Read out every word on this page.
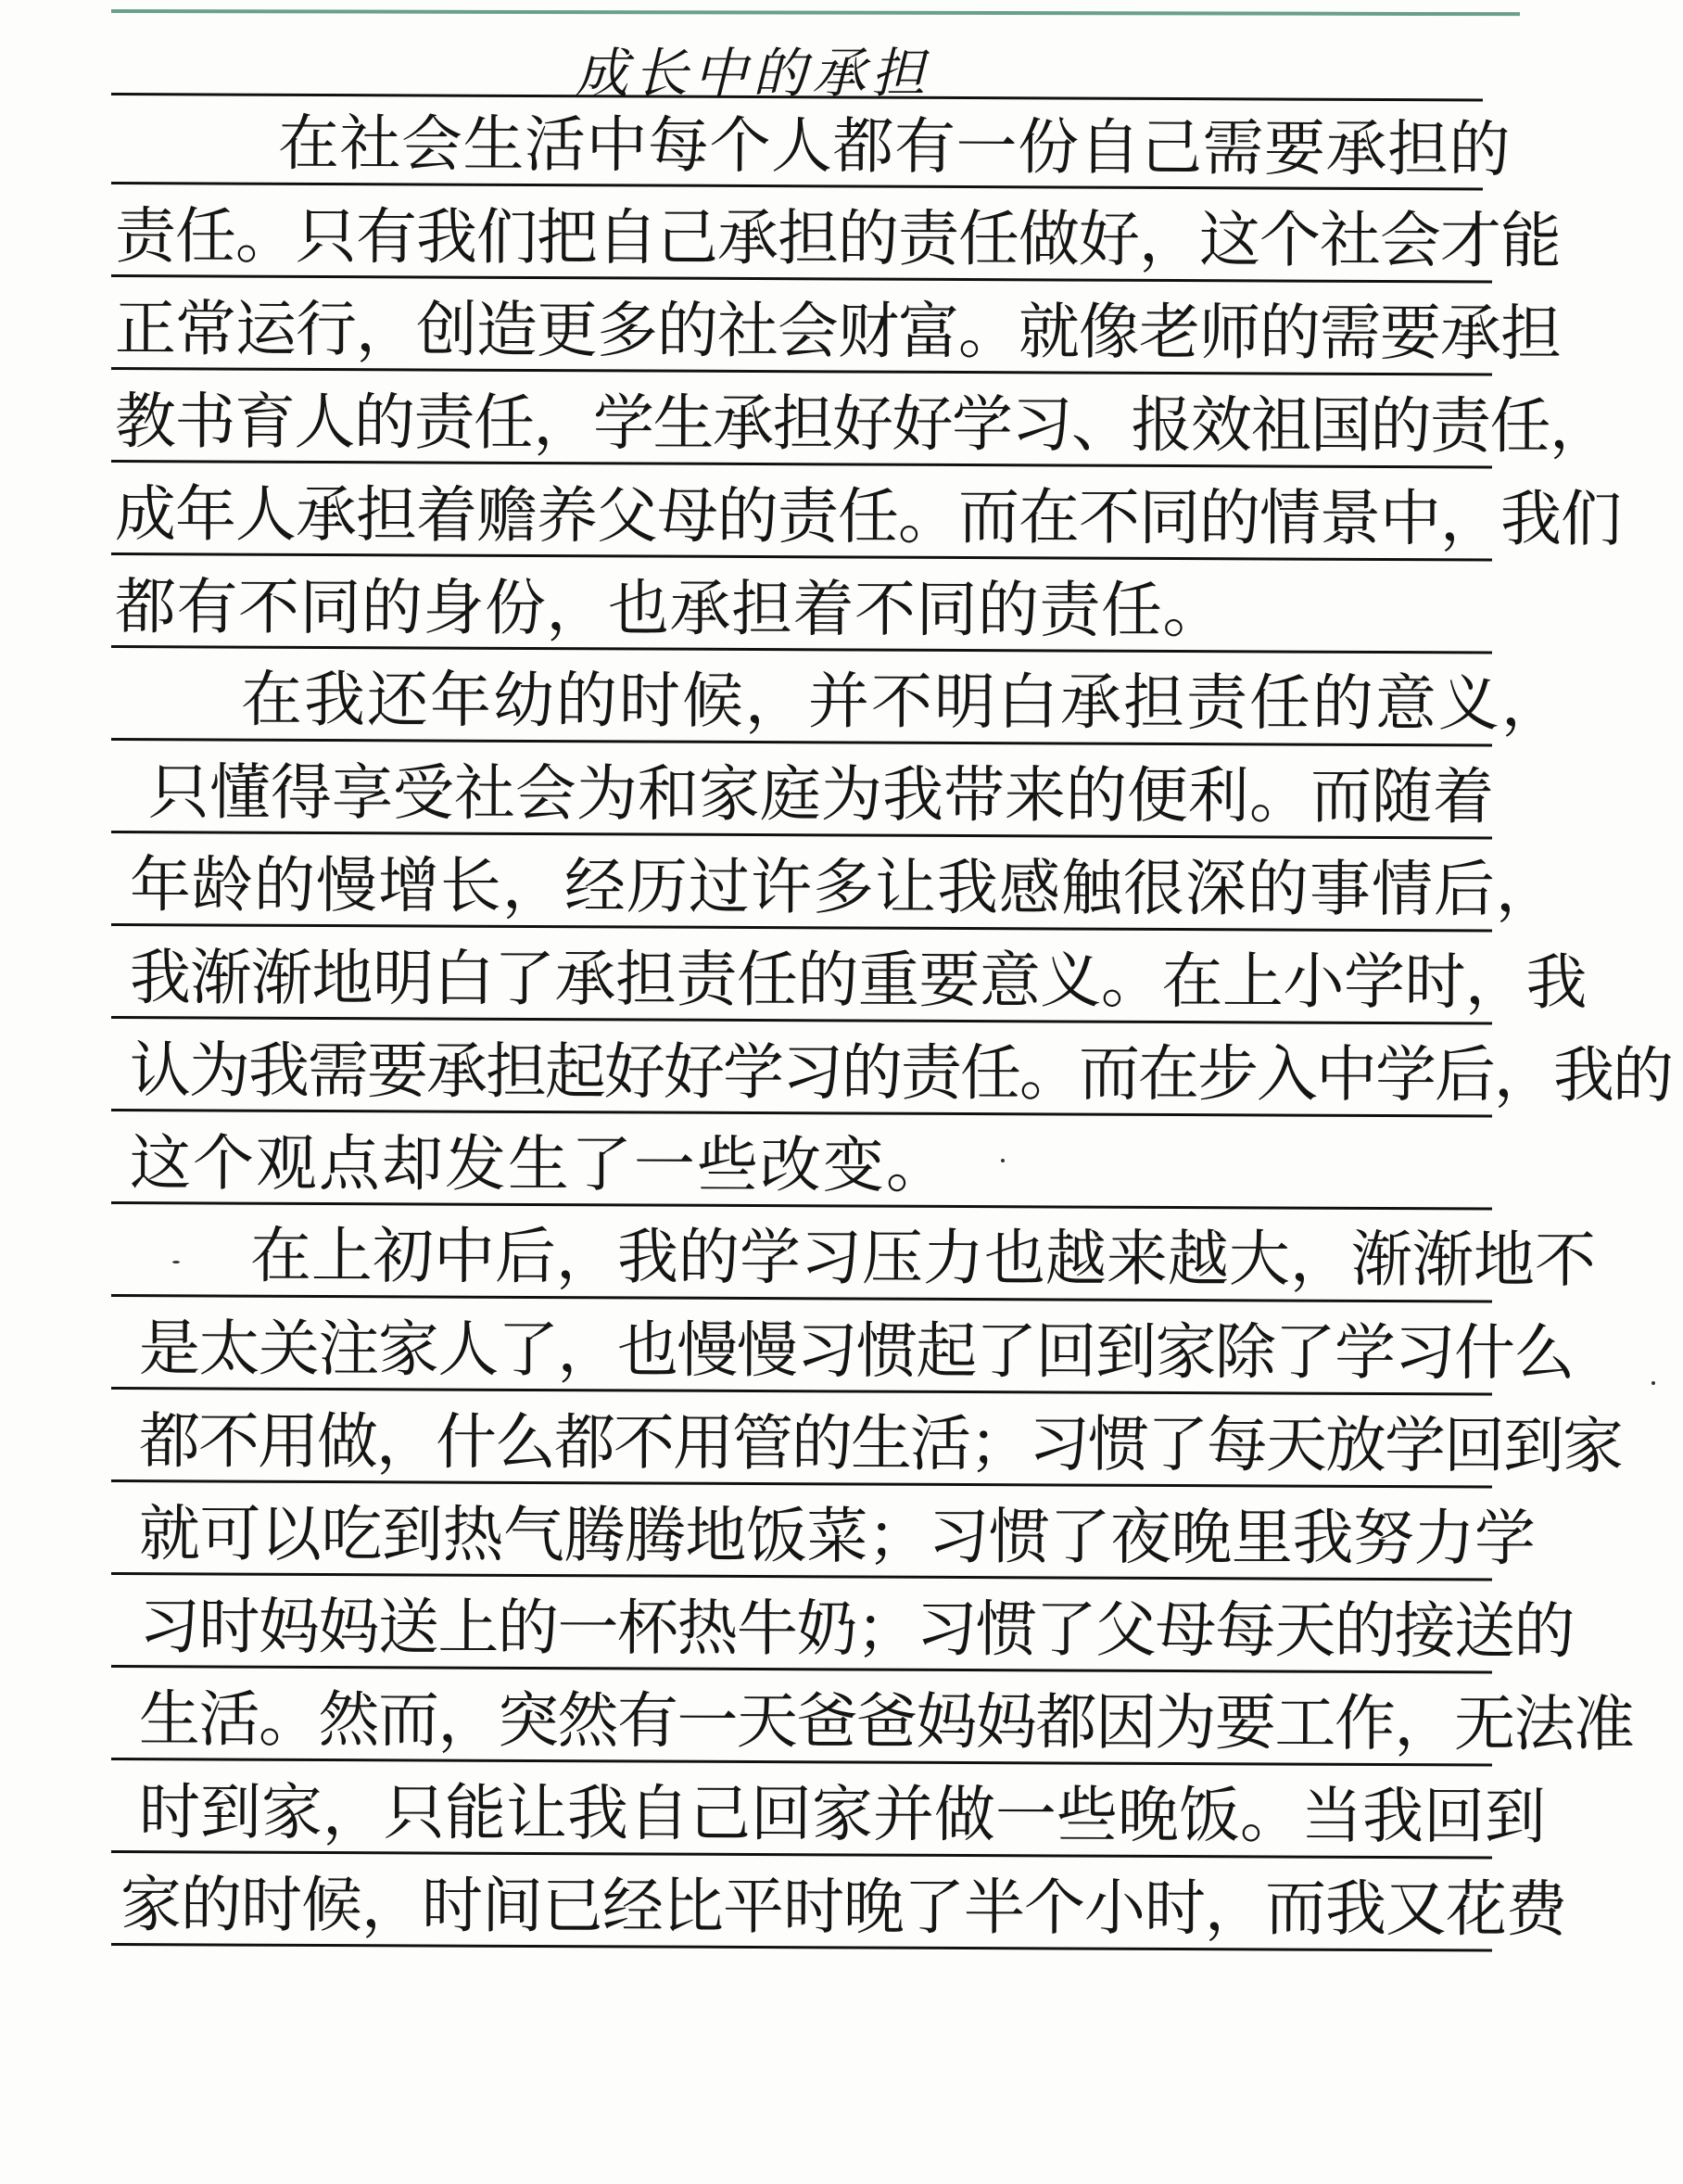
成长中的承担
在社会生活中每个人都有一份自己需要承担的
责任。只有我们把自己承担的责任做好，这个社会才能
正常运行，创造更多的社会财富。就像老师的需要承担
教书育人的责任，学生承担好好学习、报效祖国的责任，
成年人承担着赡养父母的责任。而在不同的情景中，我们
都有不同的身份，也承担着不同的责任。
在我还年幼的时候，并不明白承担责任的意义，
只懂得享受社会为和家庭为我带来的便利。而随着
年龄的慢增长，经历过许多让我感触很深的事情后，
我渐渐地明白了承担责任的重要意义。在上小学时，我
认为我需要承担起好好学习的责任。而在步入中学后，我的
这个观点却发生了一些改变。
在上初中后，我的学习压力也越来越大，渐渐地不
是太关注家人了，也慢慢习惯起了回到家除了学习什么
都不用做，什么都不用管的生活；习惯了每天放学回到家
就可以吃到热气腾腾地饭菜；习惯了夜晚里我努力学
习时妈妈送上的一杯热牛奶；习惯了父母每天的接送的
生活。然而，突然有一天爸爸妈妈都因为要工作，无法准
时到家，只能让我自己回家并做一些晚饭。当我回到
家的时候，时间已经比平时晚了半个小时，而我又花费
